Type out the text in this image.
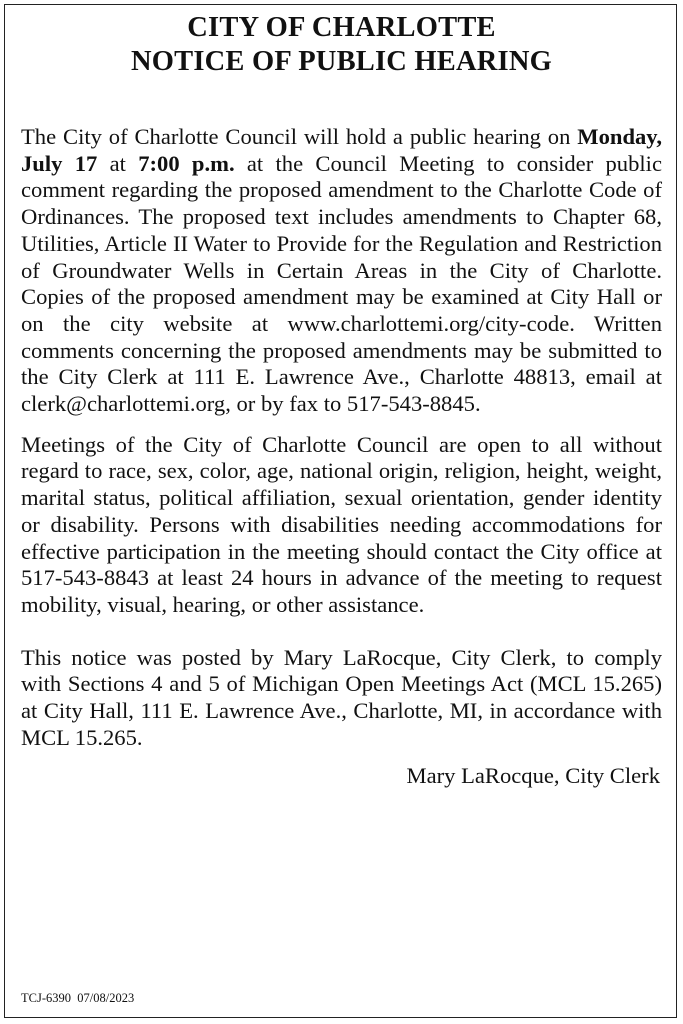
CITY OF CHARLOTTE
NOTICE OF PUBLIC HEARING

The City of Charlotte Council will hold a public hearing on Monday, July 17 at 7:00 p.m. at the Council Meeting to consider public comment regarding the proposed amendment to the Charlotte Code of Ordinances. The proposed text includes amendments to Chapter 68, Utilities, Article II Water to Provide for the Regulation and Restriction of Groundwater Wells in Certain Areas in the City of Charlotte. Copies of the proposed amendment may be examined at City Hall or on the city website at www.​charlottemi.org/city-code. Written comments concerning the proposed amendments may be submitted to the City Clerk at 111 E. Lawrence Ave., Charlotte 48813, email at clerk@charlottemi.org, or by fax to 517-543-8845.

Meetings of the City of Charlotte Council are open to all without regard to race, sex, color, age, national origin, religion, height, weight, marital status, political affiliation, sexual orientation, gender identity or disability. Persons with disabilities needing accommodations for effective participation in the meeting should contact the City office at 517-543-8843 at least 24 hours in advance of the meeting to request mobility, visual, hearing, or other assistance.

This notice was posted by Mary LaRocque, City Clerk, to comply with Sections 4 and 5 of Michigan Open Meetings Act (MCL 15.265) at City Hall, 111 E. Lawrence Ave., Charlotte, MI, in accordance with MCL 15.265.

Mary LaRocque, City Clerk
TCJ-6390  07/08/2023
